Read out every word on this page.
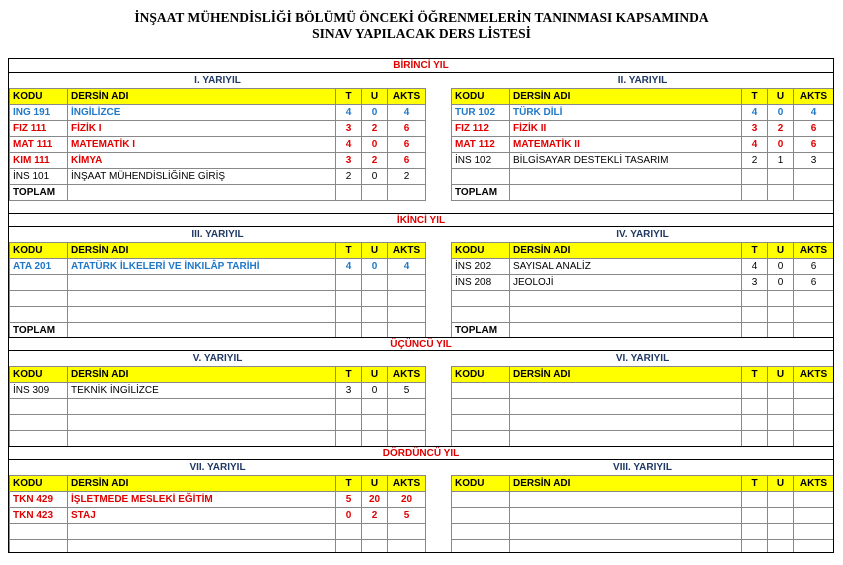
İNŞAAT MÜHENDİSLİĞİ BÖLÜMÜ ÖNCEKİ ÖĞRENMELERİN TANINMASI KAPSAMINDA
SINAV YAPILACAK DERS LİSTESİ
BİRİNCİ YIL
I. YARIYIL				
KODU	DERSİN ADI	T	U	AKTS
ING 191	İNGİLİZCE	4	0	4
FIZ 111	FİZİK I	3	2	6
MAT 111	MATEMATİK I	4	0	6
KIM 111	KİMYA	3	2	6
İNS 101	İNŞAAT MÜHENDİSLİĞİNE GİRİŞ	2	0	2
TOPLAM				
II. YARIYIL				
KODU	DERSİN ADI	T	U	AKTS
TUR 102	TÜRK DİLİ	4	0	4
FIZ 112	FİZİK II	3	2	6
MAT 112	MATEMATİK II	4	0	6
İNS 102	BİLGİSAYAR DESTEKLİ TASARIM	2	1	3

TOPLAM				
İKİNCİ YIL
III. YARIYIL				
KODU	DERSİN ADI	T	U	AKTS
ATA 201	ATATÜRK İLKELERİ VE İNKILÂP TARİHİ	4	0	4

TOPLAM				
IV. YARIYIL				
KODU	DERSİN ADI	T	U	AKTS
İNS 202	SAYISAL ANALİZ	4	0	6
İNS 208	JEOLOJİ	3	0	6

TOPLAM				
ÜÇÜNCÜ YIL
V. YARIYIL				
KODU	DERSİN ADI	T	U	AKTS
İNS 309	TEKNİK İNGİLİZCE	3	0	5

VI. YARIYIL				
KODU	DERSİN ADI	T	U	AKTS

DÖRDÜNCÜ YIL
VII. YARIYIL				
KODU	DERSİN ADI	T	U	AKTS
TKN 429	İŞLETMEDE MESLEKİ EĞİTİM	5	20	20
TKN 423	STAJ	0	2	5

VIII. YARIYIL				
KODU	DERSİN ADI	T	U	AKTS
